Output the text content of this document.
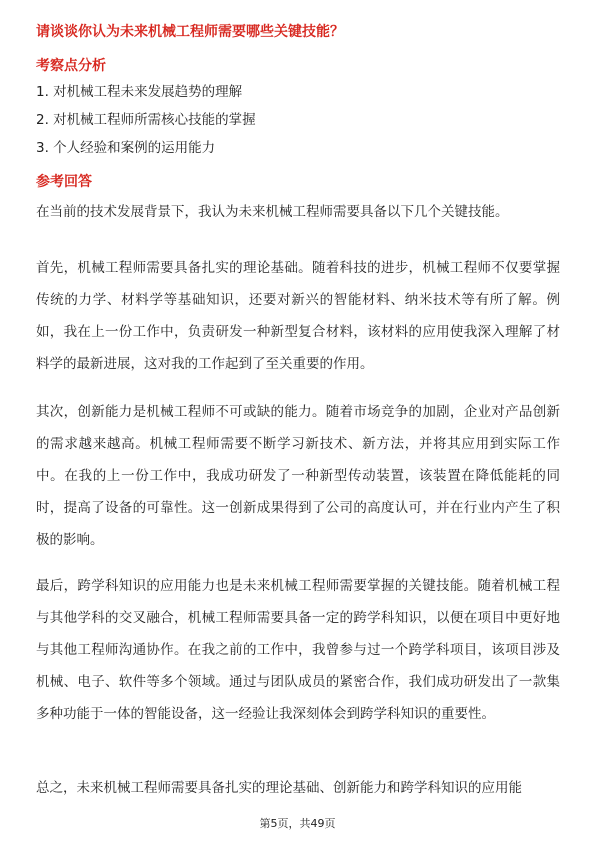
请谈谈你认为未来机械工程师需要哪些关键技能？
考察点分析
1. 对机械工程未来发展趋势的理解
2. 对机械工程师所需核心技能的掌握
3. 个人经验和案例的运用能力
参考回答
在当前的技术发展背景下，我认为未来机械工程师需要具备以下几个关键技能。
首先，机械工程师需要具备扎实的理论基础。随着科技的进步，机械工程师不仅要掌握传统的力学、材料学等基础知识，还要对新兴的智能材料、纳米技术等有所了解。例如，我在上一份工作中，负责研发一种新型复合材料，该材料的应用使我深入理解了材料学的最新进展，这对我的工作起到了至关重要的作用。
其次，创新能力是机械工程师不可或缺的能力。随着市场竞争的加剧，企业对产品创新的需求越来越高。机械工程师需要不断学习新技术、新方法，并将其应用到实际工作中。在我的上一份工作中，我成功研发了一种新型传动装置，该装置在降低能耗的同时，提高了设备的可靠性。这一创新成果得到了公司的高度认可，并在行业内产生了积极的影响。
最后，跨学科知识的应用能力也是未来机械工程师需要掌握的关键技能。随着机械工程与其他学科的交叉融合，机械工程师需要具备一定的跨学科知识，以便在项目中更好地与其他工程师沟通协作。在我之前的工作中，我曾参与过一个跨学科项目，该项目涉及机械、电子、软件等多个领域。通过与团队成员的紧密合作，我们成功研发出了一款集多种功能于一体的智能设备，这一经验让我深刻体会到跨学科知识的重要性。
总之，未来机械工程师需要具备扎实的理论基础、创新能力和跨学科知识的应用能
第5页，共49页
